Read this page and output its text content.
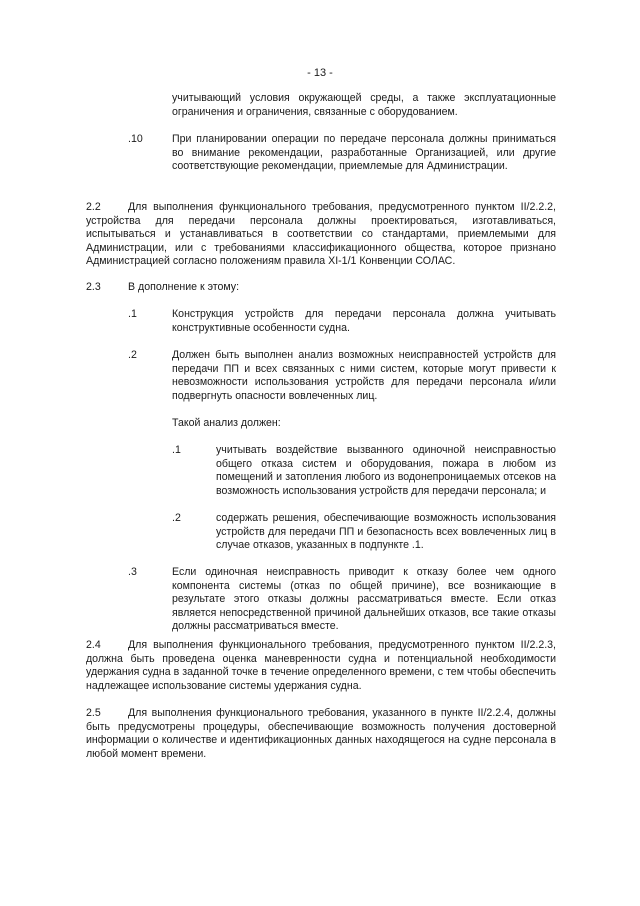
- 13 -
учитывающий условия окружающей среды, а также эксплуатационные ограничения и ограничения, связанные с оборудованием.
.10	При планировании операции по передаче персонала должны приниматься во внимание рекомендации, разработанные Организацией, или другие соответствующие рекомендации, приемлемые для Администрации.
2.2	Для выполнения функционального требования, предусмотренного пунктом II/2.2.2, устройства для передачи персонала должны проектироваться, изготавливаться, испытываться и устанавливаться в соответствии со стандартами, приемлемыми для Администрации, или с требованиями классификационного общества, которое признано Администрацией согласно положениям правила XI-1/1 Конвенции СОЛАС.
2.3	В дополнение к этому:
.1	Конструкция устройств для передачи персонала должна учитывать конструктивные особенности судна.
.2	Должен быть выполнен анализ возможных неисправностей устройств для передачи ПП и всех связанных с ними систем, которые могут привести к невозможности использования устройств для передачи персонала и/или подвергнуть опасности вовлеченных лиц.
Такой анализ должен:
.1	учитывать воздействие вызванного одиночной неисправностью общего отказа систем и оборудования, пожара в любом из помещений и затопления любого из водонепроницаемых отсеков на возможность использования устройств для передачи персонала; и
.2	содержать решения, обеспечивающие возможность использования устройств для передачи ПП и безопасность всех вовлеченных лиц в случае отказов, указанных в подпункте .1.
.3	Если одиночная неисправность приводит к отказу более чем одного компонента системы (отказ по общей причине), все возникающие в результате этого отказы должны рассматриваться вместе. Если отказ является непосредственной причиной дальнейших отказов, все такие отказы должны рассматриваться вместе.
2.4	Для выполнения функционального требования, предусмотренного пунктом II/2.2.3, должна быть проведена оценка маневренности судна и потенциальной необходимости удержания судна в заданной точке в течение определенного времени, с тем чтобы обеспечить надлежащее использование системы удержания судна.
2.5	Для выполнения функционального требования, указанного в пункте II/2.2.4, должны быть предусмотрены процедуры, обеспечивающие возможность получения достоверной информации о количестве и идентификационных данных находящегося на судне персонала в любой момент времени.
